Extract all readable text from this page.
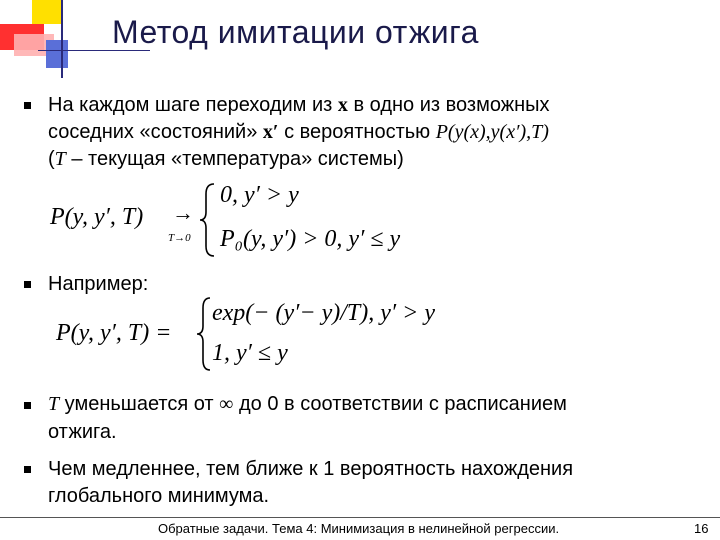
Метод имитации отжига
На каждом шаге переходим из x в одно из возможных
соседних «состояний» x′ с вероятностью P(y(x),y(x′),T)
(T – текущая «температура» системы)
P(y, y′, T) →
T→0
0, y′ > y
P₀(y, y′) > 0, y′ ≤ y
Например:
P(y, y′, T) =
exp(− (y′− y)/T), y′ > y
1, y′ ≤ y
T уменьшается от ∞ до 0 в соответствии с расписанием
отжига.
Чем медленнее, тем ближе к 1 вероятность нахождения
глобального минимума.
Обратные задачи. Тема 4: Минимизация в нелинейной регрессии.	16
